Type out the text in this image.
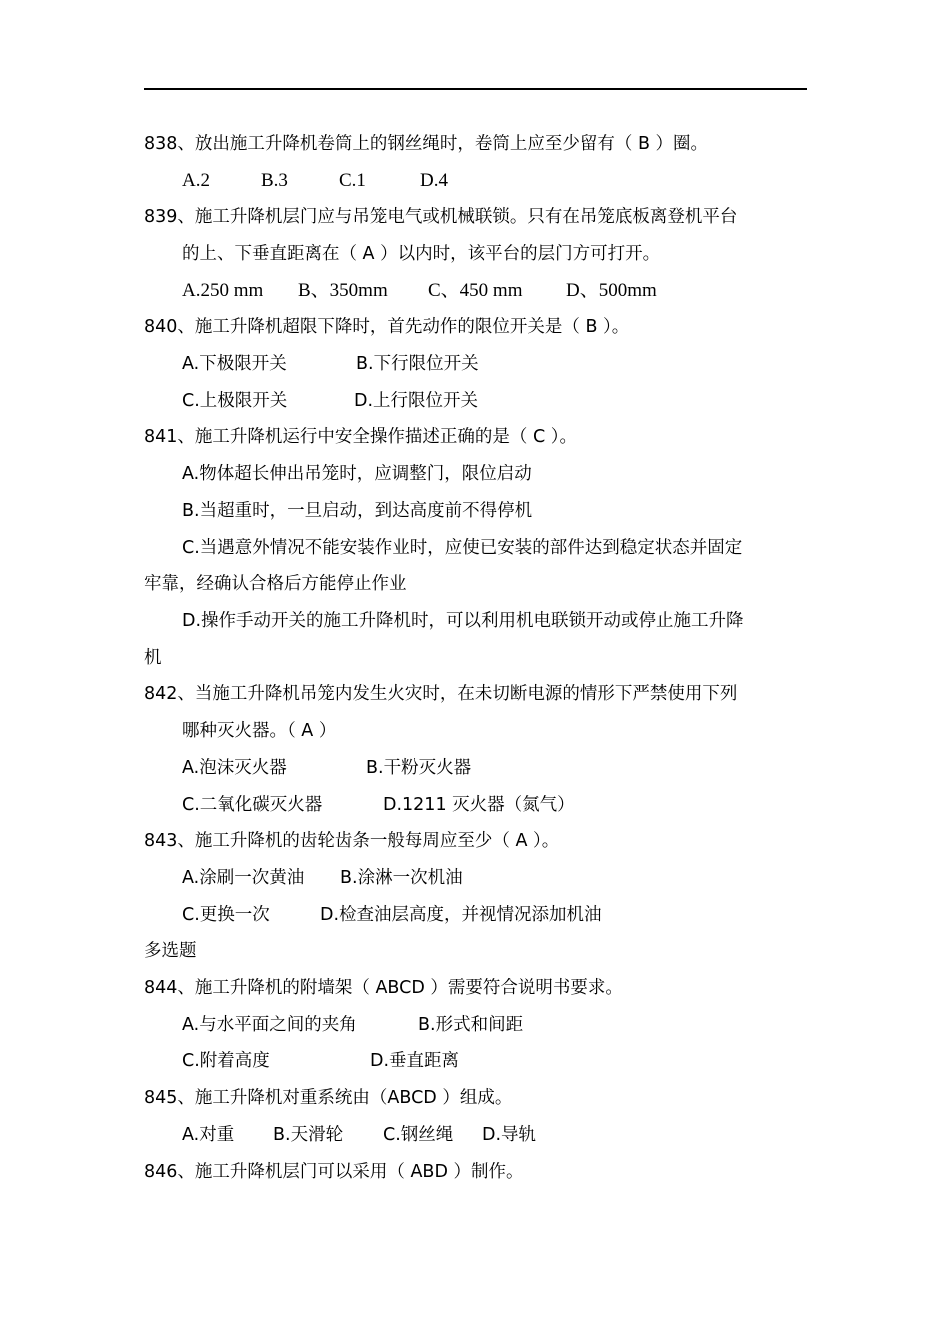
838、放出施工升降机卷筒上的钢丝绳时，卷筒上应至少留有（ B ）圈。
A.2	B.3	C.1	D.4
839、施工升降机层门应与吊笼电气或机械联锁。只有在吊笼底板离登机平台
的上、下垂直距离在（ A ）以内时，该平台的层门方可打开。
A.250 mm B、350mm C、450 mm D、500mm
840、施工升降机超限下降时，首先动作的限位开关是（ B ）。
A.下极限开关	B.下行限位开关
C.上极限开关	D.上行限位开关
841、施工升降机运行中安全操作描述正确的是（ C ）。
A.物体超长伸出吊笼时，应调整门，限位启动
B.当超重时，一旦启动，到达高度前不得停机
C.当遇意外情况不能安装作业时，应使已安装的部件达到稳定状态并固定
牢靠，经确认合格后方能停止作业
D.操作手动开关的施工升降机时，可以利用机电联锁开动或停止施工升降
机
842、当施工升降机吊笼内发生火灾时，在未切断电源的情形下严禁使用下列
哪种灭火器。（ A ）
A.泡沫灭火器	B.干粉灭火器
C.二氧化碳灭火器	D.1211 灭火器（氮气）
843、施工升降机的齿轮齿条一般每周应至少（ A ）。
A.涂刷一次黄油 B.涂淋一次机油
C.更换一次	D.检查油层高度，并视情况添加机油
多选题
844、施工升降机的附墙架（ ABCD ）需要符合说明书要求。
A.与水平面之间的夹角	B.形式和间距
C.附着高度	D.垂直距离
845、施工升降机对重系统由（ABCD ）组成。
A.对重 B.天滑轮 C.钢丝绳 D.导轨
846、施工升降机层门可以采用（ ABD ）制作。
